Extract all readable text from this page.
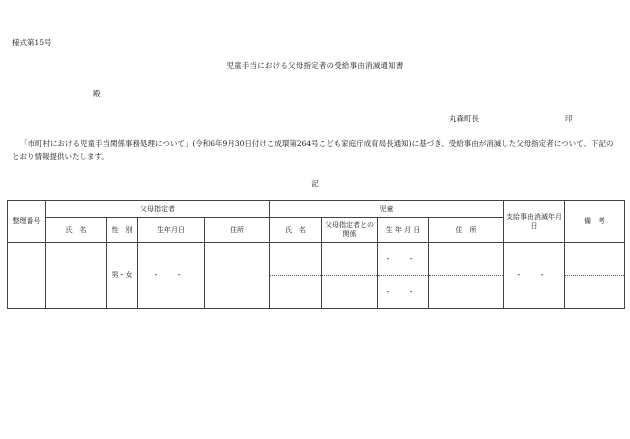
様式第15号
児童手当における父母指定者の受給事由消滅通知書
殿
丸森町長	印
「市町村における児童手当関係事務処理について」(令和6年9月30日付けこ成環第264号こども家庭庁成育局長通知)に基づき、受給事由が消滅した父母指定者について、下記のとおり情報提供いたします。
記
整理番号	父母指定者				児童				支給事由消滅年月日	備　考
	氏　名	性　別	生年月日	住所	氏　名	父母指定者との関係	生 年 月 日	住　所		
		男・女	・ ・				・ ・		・ ・	
							・ ・			
